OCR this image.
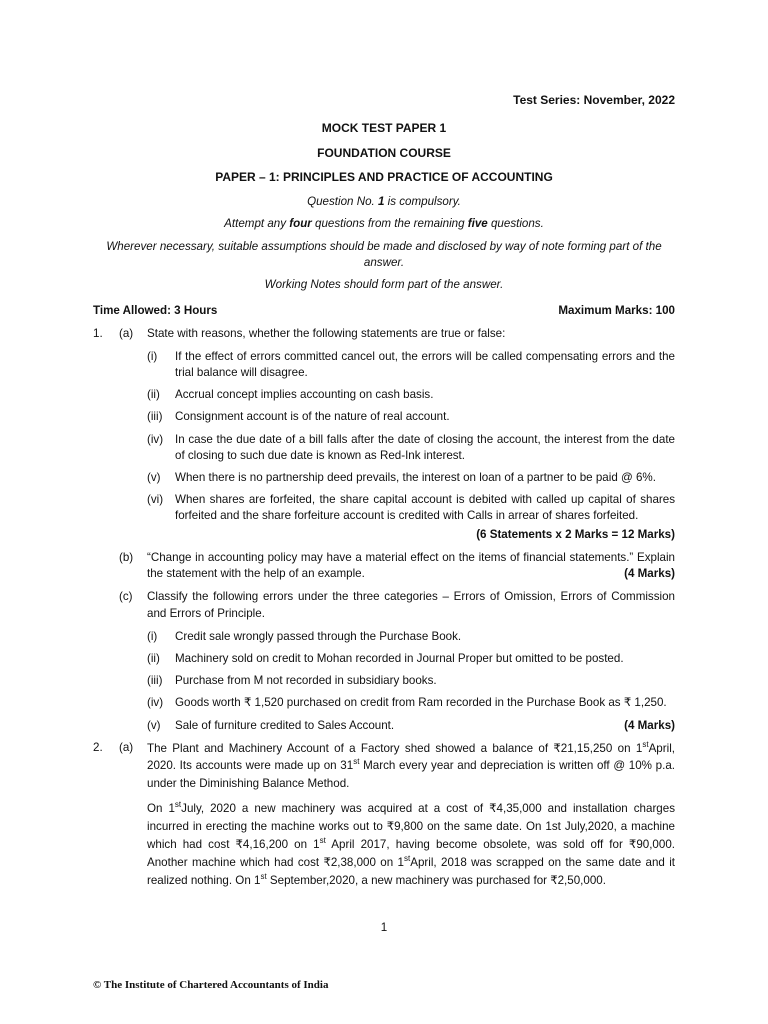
Test Series: November, 2022
MOCK TEST PAPER 1
FOUNDATION COURSE
PAPER – 1: PRINCIPLES AND PRACTICE OF ACCOUNTING
Question No. 1 is compulsory.
Attempt any four questions from the remaining five questions.
Wherever necessary, suitable assumptions should be made and disclosed by way of note forming part of the answer.
Working Notes should form part of the answer.
Time Allowed: 3 Hours	Maximum Marks: 100
1.	(a)	State with reasons, whether the following statements are true or false:
(i)	If the effect of errors committed cancel out, the errors will be called compensating errors and the trial balance will disagree.
(ii)	Accrual concept implies accounting on cash basis.
(iii)	Consignment account is of the nature of real account.
(iv)	In case the due date of a bill falls after the date of closing the account, the interest from the date of closing to such due date is known as Red-Ink interest.
(v)	When there is no partnership deed prevails, the interest on loan of a partner to be paid @ 6%.
(vi)	When shares are forfeited, the share capital account is debited with called up capital of shares forfeited and the share forfeiture account is credited with Calls in arrear of shares forfeited.
(6 Statements x 2 Marks = 12 Marks)
(b)	“Change in accounting policy may have a material effect on the items of financial statements.” Explain the statement with the help of an example.	(4 Marks)
(c)	Classify the following errors under the three categories – Errors of Omission, Errors of Commission and Errors of Principle.
(i)	Credit sale wrongly passed through the Purchase Book.
(ii)	Machinery sold on credit to Mohan recorded in Journal Proper but omitted to be posted.
(iii)	Purchase from M not recorded in subsidiary books.
(iv)	Goods worth ₹ 1,520 purchased on credit from Ram recorded in the Purchase Book as ₹ 1,250.
(v)	Sale of furniture credited to Sales Account.	(4 Marks)
2.	(a)	The Plant and Machinery Account of a Factory shed showed a balance of ₹21,15,250 on 1stApril, 2020. Its accounts were made up on 31st March every year and depreciation is written off @ 10% p.a. under the Diminishing Balance Method.
On 1stJuly, 2020 a new machinery was acquired at a cost of ₹4,35,000 and installation charges incurred in erecting the machine works out to ₹9,800 on the same date. On 1st July,2020, a machine which had cost ₹4,16,200 on 1st April 2017, having become obsolete, was sold off for ₹90,000. Another machine which had cost ₹2,38,000 on 1stApril, 2018 was scrapped on the same date and it realized nothing. On 1st September,2020, a new machinery was purchased for ₹2,50,000.
1
© The Institute of Chartered Accountants of India
